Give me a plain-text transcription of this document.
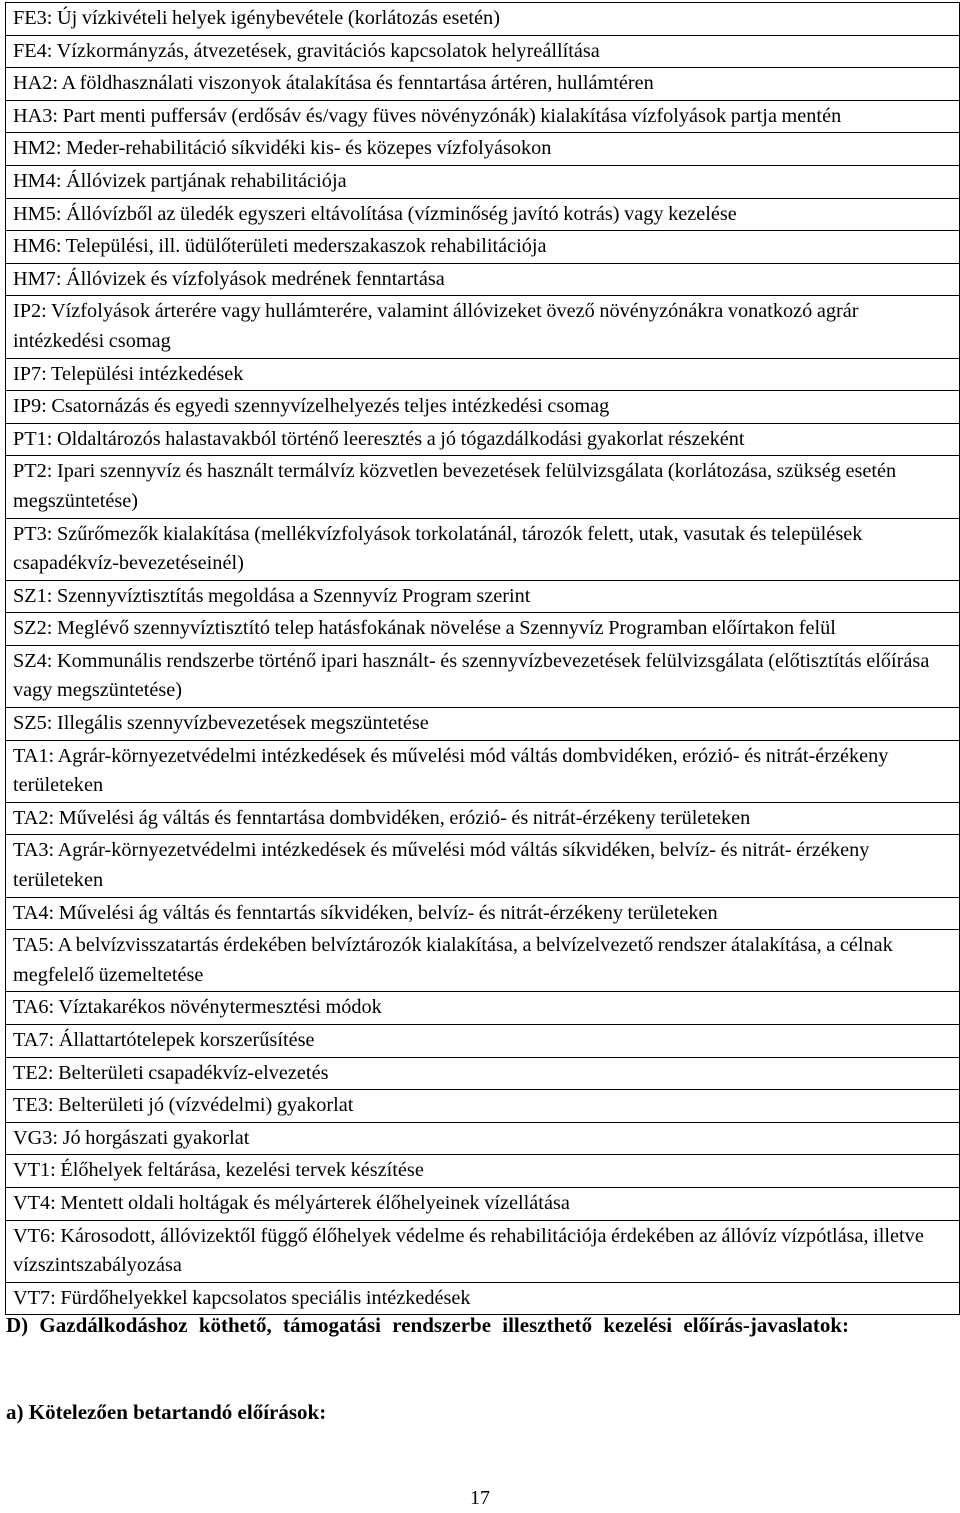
FE3: Új vízkivételi helyek igénybevétele (korlátozás esetén)
FE4: Vízkormányzás, átvezetések, gravitációs kapcsolatok helyreállítása
HA2: A földhasználati viszonyok átalakítása és fenntartása ártéren, hullámtéren
HA3: Part menti puffersáv (erdősáv és/vagy füves növényzónák) kialakítása vízfolyások partja mentén
HM2: Meder-rehabilitáció síkvidéki kis- és közepes vízfolyásokon
HM4: Állóvizek partjának rehabilitációja
HM5: Állóvízből az üledék egyszeri eltávolítása (vízminőség javító kotrás) vagy kezelése
HM6: Települési, ill. üdülőterületi mederszakaszok rehabilitációja
HM7: Állóvizek és vízfolyások medrének fenntartása
IP2: Vízfolyások árterére vagy hullámterére, valamint állóvizeket övező növényzónákra vonatkozó agrár intézkedési csomag
IP7: Települési intézkedések
IP9: Csatornázás és egyedi szennyvízelhelyezés teljes intézkedési csomag
PT1: Oldaltározós halastavakból történő leeresztés a jó tógazdálkodási gyakorlat részeként
PT2: Ipari szennyvíz és használt termálvíz közvetlen bevezetések felülvizsgálata (korlátozása, szükség esetén megszüntetése)
PT3: Szűrőmezők kialakítása (mellékvízfolyások torkolatánál, tározók felett, utak, vasutak és települések csapadékvíz-bevezetéseinél)
SZ1: Szennyvíztisztítás megoldása a Szennyvíz Program szerint
SZ2: Meglévő szennyvíztisztító telep hatásfokának növelése a Szennyvíz Programban előírtakon felül
SZ4: Kommunális rendszerbe történő ipari használt- és szennyvízbevezetések felülvizsgálata (előtisztítás előírása vagy megszüntetése)
SZ5: Illegális szennyvízbevezetések megszüntetése
TA1: Agrár-környezetvédelmi intézkedések és művelési mód váltás dombvidéken, erózió- és nitrát-érzékeny területeken
TA2: Művelési ág váltás és fenntartása dombvidéken, erózió- és nitrát-érzékeny területeken
TA3: Agrár-környezetvédelmi intézkedések és művelési mód váltás síkvidéken, belvíz- és nitrát- érzékeny területeken
TA4: Művelési ág váltás és fenntartás síkvidéken, belvíz- és nitrát-érzékeny területeken
TA5: A belvízvisszatartás érdekében belvíztározók kialakítása, a belvízelvezető rendszer átalakítása, a célnak megfelelő üzemeltetése
TA6: Víztakarékos növénytermesztési módok
TA7: Állattartótelepek korszerűsítése
TE2: Belterületi csapadékvíz-elvezetés
TE3: Belterületi jó (vízvédelmi) gyakorlat
VG3: Jó horgászati gyakorlat
VT1: Élőhelyek feltárása, kezelési tervek készítése
VT4: Mentett oldali holtágak és mélyárterek élőhelyeinek vízellátása
VT6: Károsodott, állóvizektől függő élőhelyek védelme és rehabilitációja érdekében az állóvíz vízpótlása, illetve vízszintszabályozása
VT7: Fürdőhelyekkel kapcsolatos speciális intézkedések
D) Gazdálkodáshoz köthető, támogatási rendszerbe illeszthető kezelési előírás-javaslatok:
a) Kötelezően betartandó előírások:
17
